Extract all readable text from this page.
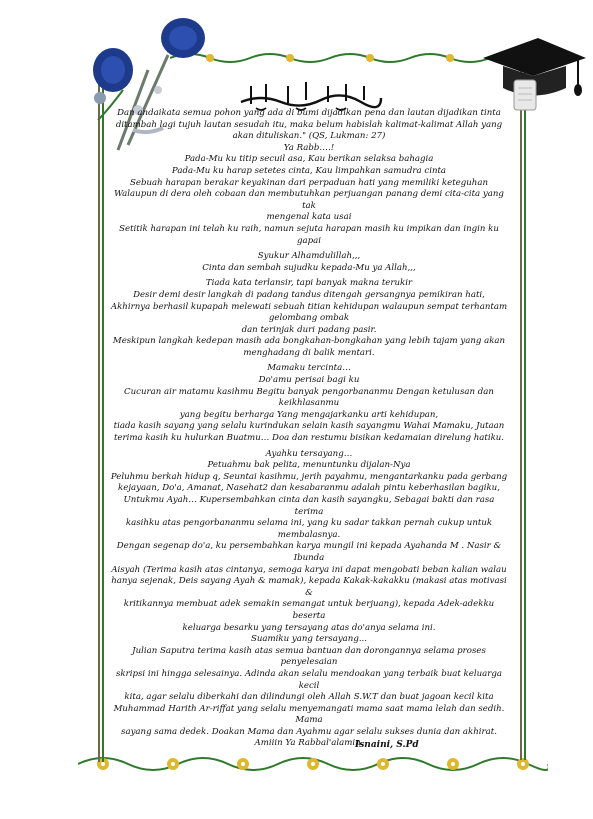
Dan andaikata semua pohon yang ada di bumi dijadikan pena dan lautan dijadikan tinta

ditambah lagi tujuh lautan sesudah itu, maka belum habislah kalimat-kalimat Allah yang

akan dituliskan." (QS, Lukman: 27)

Ya Rabb….!

Pada-Mu ku titip secuil asa, Kau berikan selaksa bahagia

Pada-Mu ku harap setetes cinta, Kau limpahkan samudra cinta

Sebuah harapan berakar keyakinan dari perpaduan hati yang memiliki keteguhan

Walaupun di dera oleh cobaan dan membutuhkan perjuangan panang demi cita-cita yang tak

mengenal kata usai

Setitik harapan ini telah ku raih, namun sejuta harapan masih ku impikan dan ingin ku gapai

Syukur Alhamdulillah,,,

Cinta dan sembah sujudku kepada-Mu ya Allah,,,

Tiada kata terlansir, tapi banyak makna terukir

Desir demi desir langkah di padang tandus ditengah gersangnya pemikiran hati,

Akhirnya berhasil kupapah melewati sebuah titian kehidupan walaupun sempat terhantam

gelombang ombak

dan terinjak duri padang pasir.

Meskipun langkah kedepan masih ada bongkahan-bongkahan yang lebih tajam yang akan

menghadang di balik mentari.

Mamaku tercinta…

Do'amu perisai bagi ku

Cucuran air matamu kasihmu Begitu banyak pengorbananmu Dengan ketulusan dan

keikhlasanmu

yang begitu berharga Yang mengajarkanku arti kehidupan,

tiada kasih sayang yang selalu kurindukan selain kasih sayangmu Wahai Mamaku, Jutaan

terima kasih ku hulurkan Buatmu… Doa dan restumu bisikan kedamaian direlung hatiku.

Ayahku tersayang…

Petuahmu bak pelita, menuntunku dijalan-Nya

Peluhmu berkah hidup q, Seuntai kasihmu, jerih payahmu, mengantarkanku pada gerbang

kejayaan, Do'a, Amanat, Nasehat2 dan kesabaranmu adalah pintu keberhasilan bagiku,

Untukmu Ayah… Kupersembahkan cinta dan kasih sayangku, Sebagai bakti dan rasa terima

kasihku atas pengorbananmu selama ini, yang ku sadar takkan pernah cukup untuk

membalasnya.

Dengan segenap do'a, ku persembahkan karya mungil ini kepada Ayahanda M . Nasir & Ibunda

Aisyah (Terima kasih atas cintanya, semoga karya ini dapat mengobati beban kalian walau

hanya sejenak, Deis sayang Ayah & mamak), kepada Kakak-kakakku (makasi atas motivasi &

kritikannya membuat adek semakin semangat untuk berjuang), kepada Adek-adekku beserta

keluarga besarku yang tersayang atas do'anya selama ini.

Suamiku yang tersayang...

Julian Saputra terima kasih atas semua bantuan dan dorongannya selama proses penyelesaian

skripsi ini hingga selesainya. Adinda akan selalu mendoakan yang terbaik buat keluarga kecil

kita, agar selalu diberkahi dan dilindungi oleh Allah S.W.T dan buat jagoan kecil kita

Muhammad Harith Ar-riffat yang selalu menyemangati mama saat mama lelah dan sedih. Mama

sayang sama dedek. Doakan Mama dan Ayahmu agar selalu sukses dunia dan akhirat.

Amiiin Ya Rabbal'alamin.

Isnaini, S.Pd
